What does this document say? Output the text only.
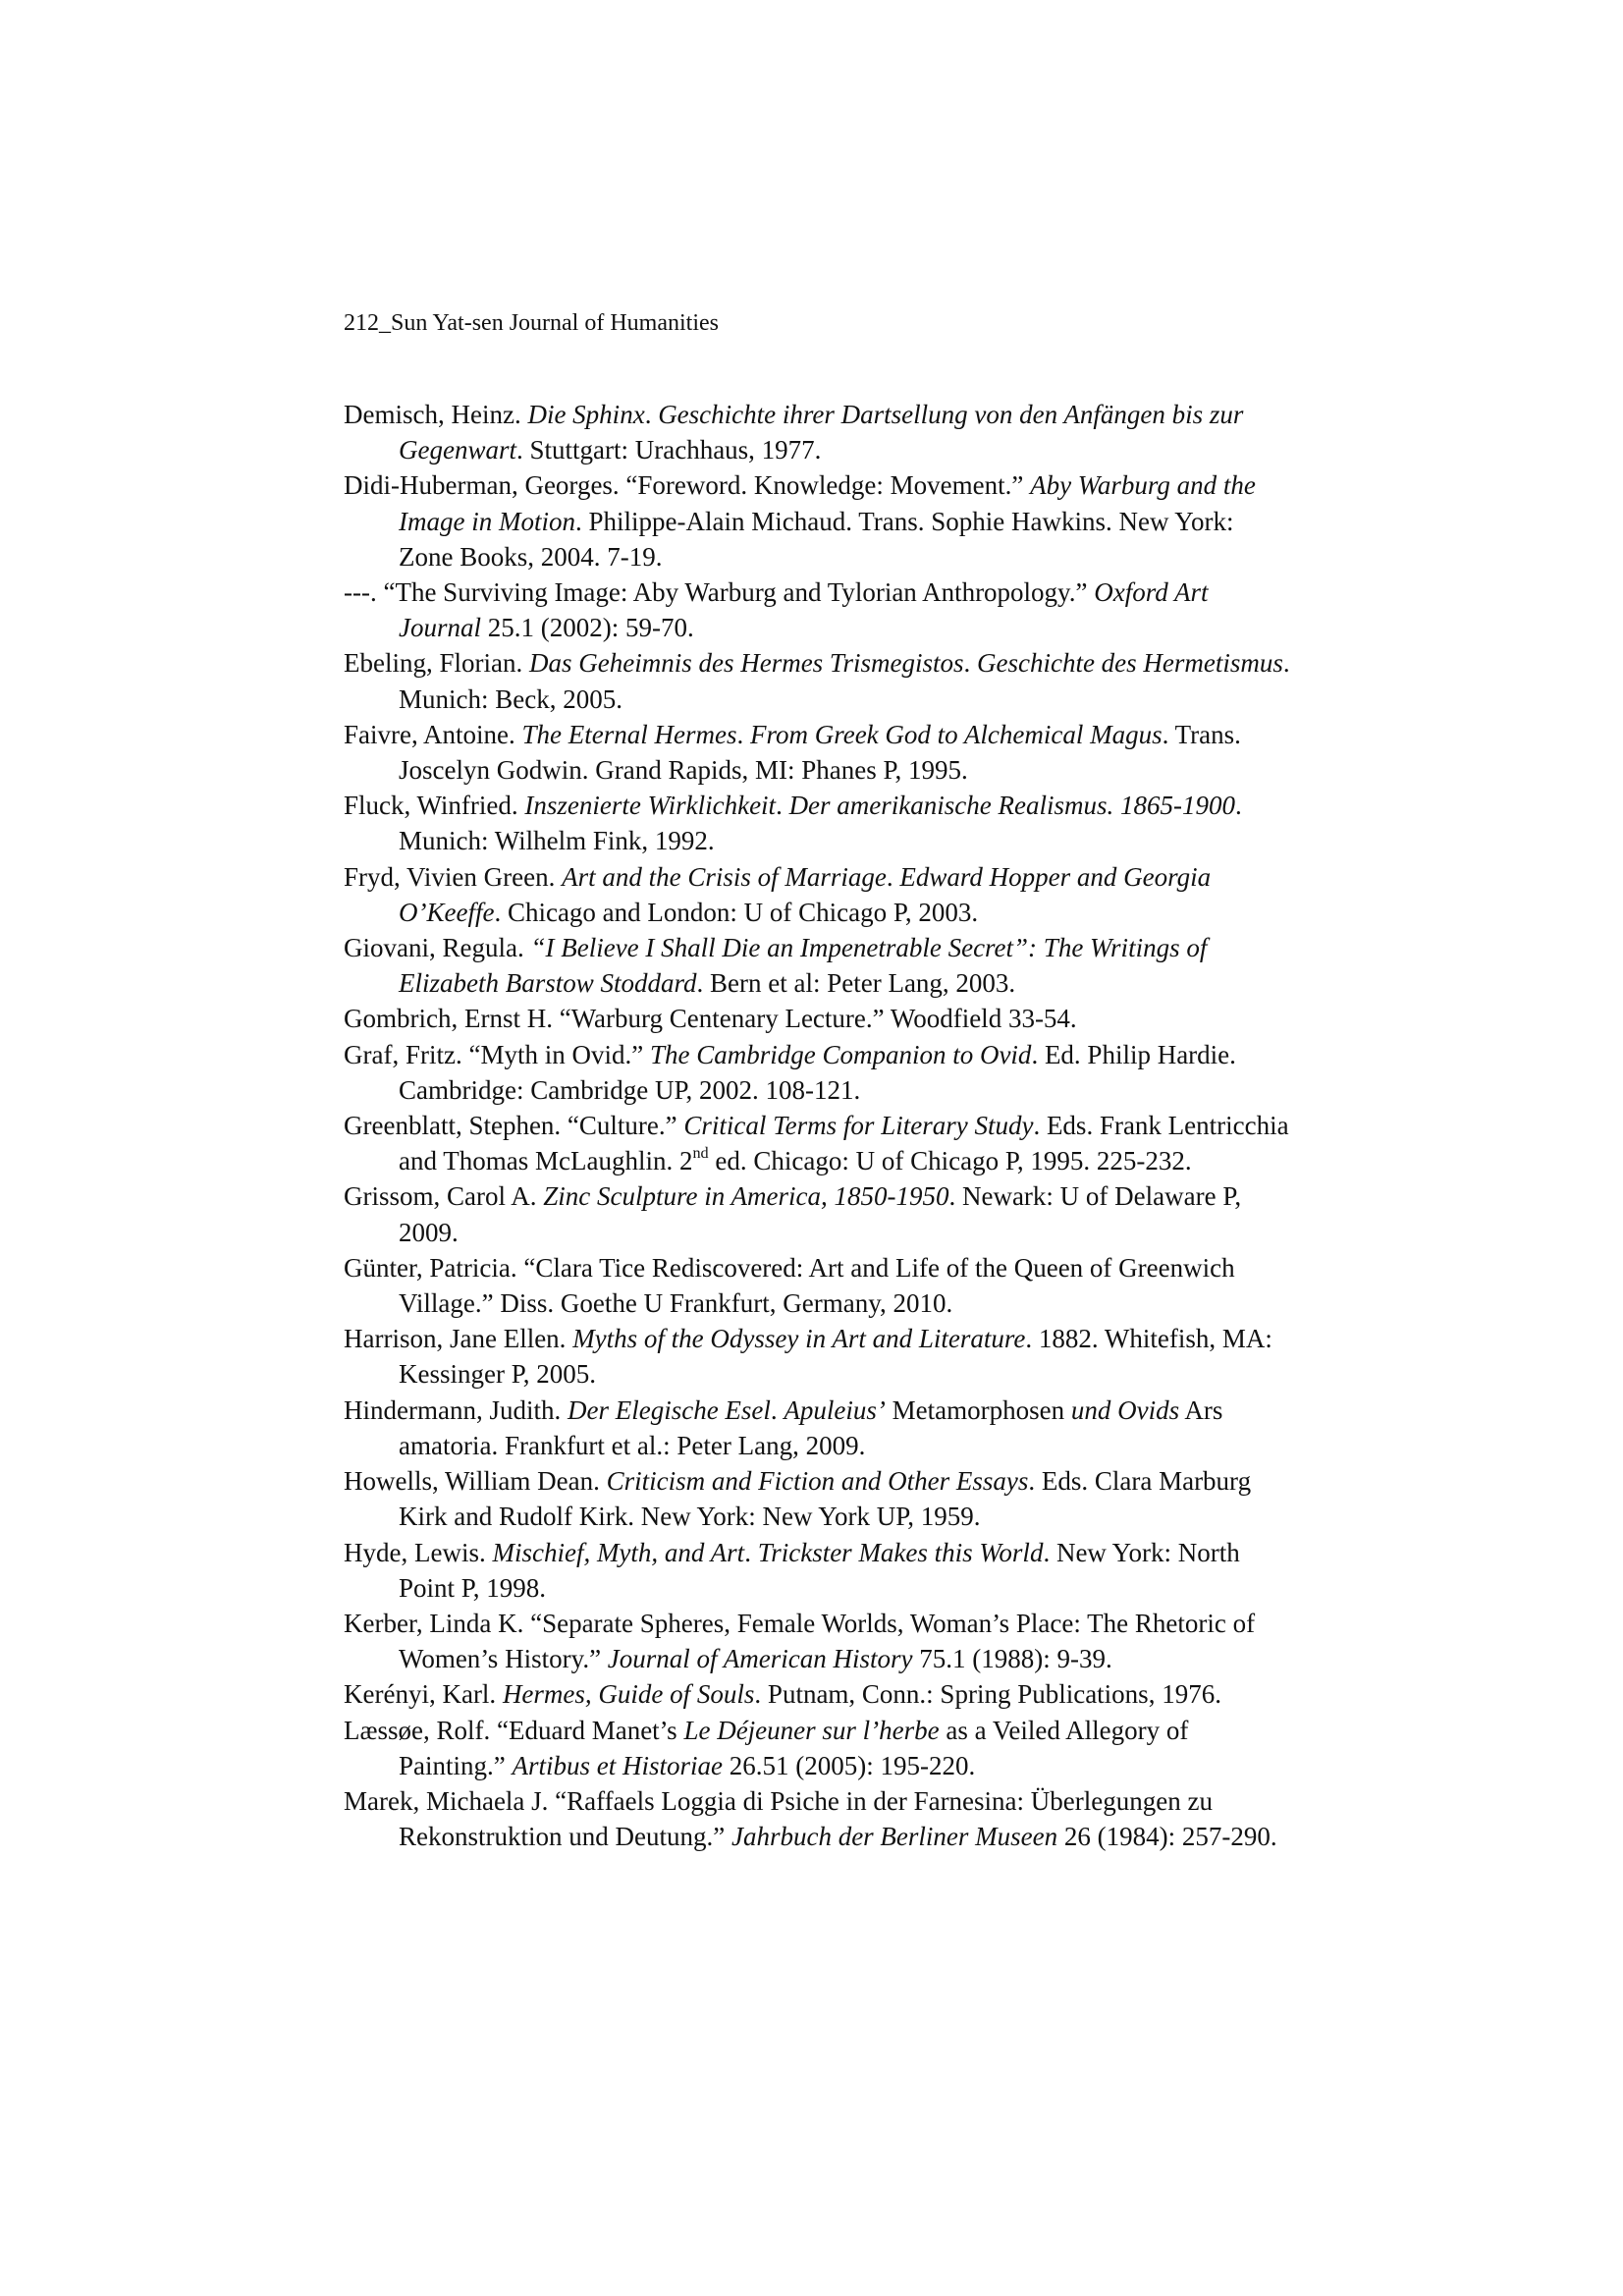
212_Sun Yat-sen Journal of Humanities

Demisch, Heinz. Die Sphinx. Geschichte ihrer Dartsellung von den Anfängen bis zur Gegenwart. Stuttgart: Urachhaus, 1977.

Didi-Huberman, Georges. “Foreword. Knowledge: Movement.” Aby Warburg and the Image in Motion. Philippe-Alain Michaud. Trans. Sophie Hawkins. New York: Zone Books, 2004. 7-19.

---. “The Surviving Image: Aby Warburg and Tylorian Anthropology.” Oxford Art Journal 25.1 (2002): 59-70.

Ebeling, Florian. Das Geheimnis des Hermes Trismegistos. Geschichte des Hermetismus. Munich: Beck, 2005.

Faivre, Antoine. The Eternal Hermes. From Greek God to Alchemical Magus. Trans. Joscelyn Godwin. Grand Rapids, MI: Phanes P, 1995.

Fluck, Winfried. Inszenierte Wirklichkeit. Der amerikanische Realismus. 1865-1900. Munich: Wilhelm Fink, 1992.

Fryd, Vivien Green. Art and the Crisis of Marriage. Edward Hopper and Georgia O’Keeffe. Chicago and London: U of Chicago P, 2003.

Giovani, Regula. “I Believe I Shall Die an Impenetrable Secret”: The Writings of Elizabeth Barstow Stoddard. Bern et al: Peter Lang, 2003.

Gombrich, Ernst H. “Warburg Centenary Lecture.” Woodfield 33-54.

Graf, Fritz. “Myth in Ovid.” The Cambridge Companion to Ovid. Ed. Philip Hardie. Cambridge: Cambridge UP, 2002. 108-121.

Greenblatt, Stephen. “Culture.” Critical Terms for Literary Study. Eds. Frank Lentricchia and Thomas McLaughlin. 2nd ed. Chicago: U of Chicago P, 1995. 225-232.

Grissom, Carol A. Zinc Sculpture in America, 1850-1950. Newark: U of Delaware P, 2009.

Günter, Patricia. “Clara Tice Rediscovered: Art and Life of the Queen of Greenwich Village.” Diss. Goethe U Frankfurt, Germany, 2010.

Harrison, Jane Ellen. Myths of the Odyssey in Art and Literature. 1882. Whitefish, MA: Kessinger P, 2005.

Hindermann, Judith. Der Elegische Esel. Apuleius’ Metamorphosen und Ovids Ars amatoria. Frankfurt et al.: Peter Lang, 2009.

Howells, William Dean. Criticism and Fiction and Other Essays. Eds. Clara Marburg Kirk and Rudolf Kirk. New York: New York UP, 1959.

Hyde, Lewis. Mischief, Myth, and Art. Trickster Makes this World. New York: North Point P, 1998.

Kerber, Linda K. “Separate Spheres, Female Worlds, Woman’s Place: The Rhetoric of Women’s History.” Journal of American History 75.1 (1988): 9-39.

Kerényi, Karl. Hermes, Guide of Souls. Putnam, Conn.: Spring Publications, 1976.

Læssøe, Rolf. “Eduard Manet’s Le Déjeuner sur l’herbe as a Veiled Allegory of Painting.” Artibus et Historiae 26.51 (2005): 195-220.

Marek, Michaela J. “Raffaels Loggia di Psiche in der Farnesina: Überlegungen zu Rekonstruktion und Deutung.” Jahrbuch der Berliner Museen 26 (1984): 257-290.
